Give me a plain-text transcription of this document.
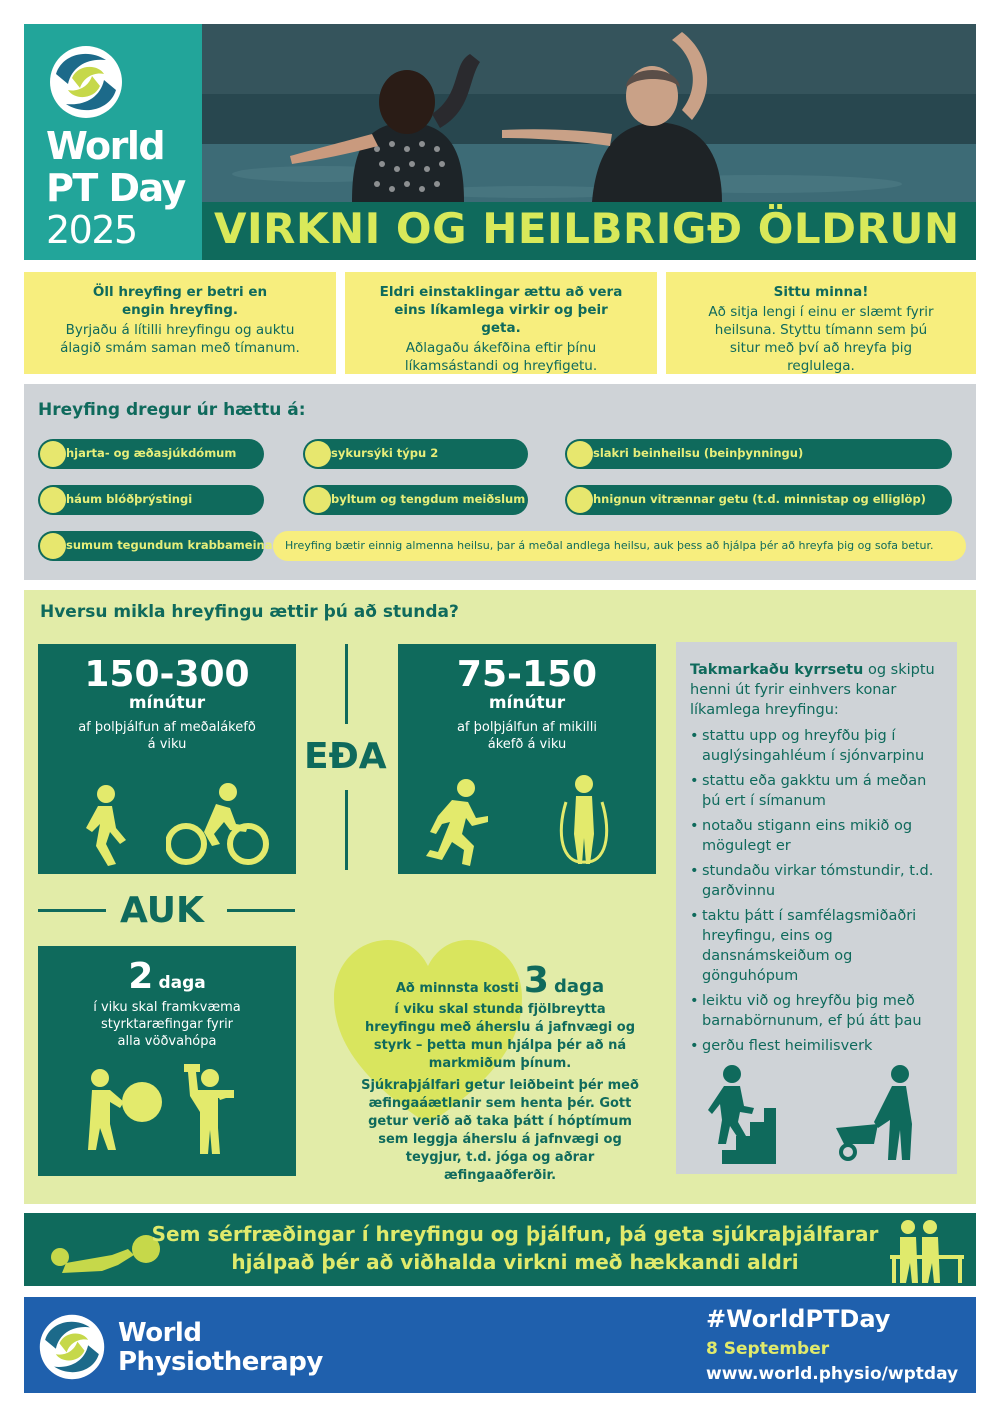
World
PT Day
2025 VIRKNI OG HEILBRIGÐ ÖLDRUN
Öll hreyfing er betri en engin hreyfing.
Byrjaðu á lítilli hreyfingu og auktu álagið smám saman með tímanum.
Eldri einstaklingar ættu að vera eins líkamlega virkir og þeir geta.
Aðlagaðu ákefðina eftir þínu líkamsástandi og hreyfigetu.
Sittu minna!
Að sitja lengi í einu er slæmt fyrir heilsuna. Styttu tímann sem þú situr með því að hreyfa þig reglulega.
Hreyfing dregur úr hættu á:
hjarta- og æðasjúkdómum	sykursýki týpu 2	slakri beinheilsu (beinþynningu)
háum blóðþrýstingi	byltum og tengdum meiðslum	hnignun vitrænnar getu (t.d. minnistap og elliglöp)
sumum tegundum krabbameina Hreyfing bætir einnig almenna heilsu, þar á meðal andlega heilsu, auk þess að hjálpa þér að hreyfa þig og sofa betur.
Hversu mikla hreyfingu ættir þú að stunda?
150-300
mínútur
af þolþjálfun af meðalákefð
á viku	EÐA
75-150
mínútur
af þolþjálfun af mikilli
ákefð á viku
AUK
2 daga
í viku skal framkvæma
styrktaræfingar fyrir
alla vöðvahópa
Að minnsta kosti 3 daga
í viku skal stunda fjölbreytta hreyfingu með áherslu á jafnvægi og styrk – þetta mun hjálpa þér að ná markmiðum þínum.
Sjúkraþjálfari getur leiðbeint þér með æfingaáætlanir sem henta þér. Gott getur verið að taka þátt í hóptímum sem leggja áherslu á jafnvægi og teygjur, t.d. jóga og aðrar æfingaaðferðir.
Takmarkaðu kyrrsetu og skiptu henni út fyrir einhvers konar líkamlega hreyfingu:
• stattu upp og hreyfðu þig í auglýsingahléum í sjónvarpinu
• stattu eða gakktu um á meðan þú ert í símanum
• notaðu stigann eins mikið og mögulegt er
• stundaðu virkar tómstundir, t.d. garðvinnu
• taktu þátt í samfélagsmiðaðri hreyfingu, eins og dansnámskeiðum og gönguhópum
• leiktu við og hreyfðu þig með barnabörnunum, ef þú átt þau
• gerðu flest heimilisverk
Sem sérfræðingar í hreyfingu og þjálfun, þá geta sjúkraþjálfarar
hjálpað þér að viðhalda virkni með hækkandi aldri
World
Physiotherapy
#WorldPTDay
8 September
www.world.physio/wptday
